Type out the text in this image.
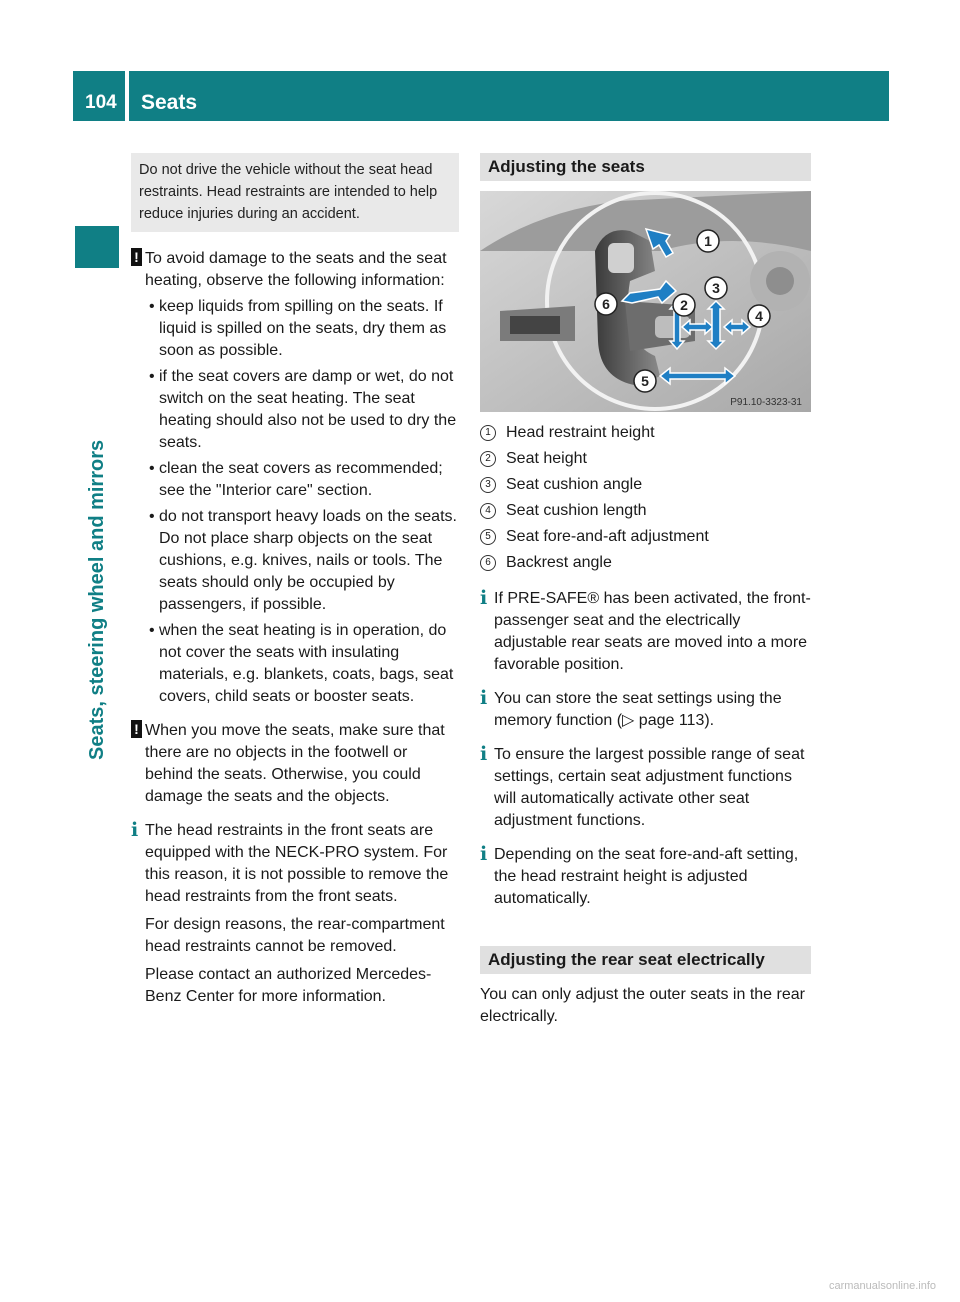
104 Seats
Seats, steering wheel and mirrors
Do not drive the vehicle without the seat head restraints. Head restraints are intended to help reduce injuries during an accident.
! To avoid damage to the seats and the seat heating, observe the following information:

• keep liquids from spilling on the seats. If liquid is spilled on the seats, dry them as soon as possible.
• if the seat covers are damp or wet, do not switch on the seat heating. The seat heating should also not be used to dry the seats.
• clean the seat covers as recommended; see the "Interior care" section.
• do not transport heavy loads on the seats. Do not place sharp objects on the seat cushions, e.g. knives, nails or tools. The seats should only be occupied by passengers, if possible.
• when the seat heating is in operation, do not cover the seats with insulating materials, e.g. blankets, coats, bags, seat covers, child seats or booster seats.
! When you move the seats, make sure that there are no objects in the footwell or behind the seats. Otherwise, you could damage the seats and the objects.

i The head restraints in the front seats are equipped with the NECK-PRO system. For this reason, it is not possible to remove the head restraints from the front seats.

For design reasons, the rear-compartment head restraints cannot be removed.

Please contact an authorized Mercedes-Benz Center for more information.

Adjusting the seats
1
2
3
4
5
6
P91.10-3323-31
1 Head restraint height
2 Seat height
3 Seat cushion angle
4 Seat cushion length
5 Seat fore-and-aft adjustment
6 Backrest angle
i If PRE-SAFE® has been activated, the front-passenger seat and the electrically adjustable rear seats are moved into a more favorable position.

i You can store the seat settings using the memory function (▷ page 113).

i To ensure the largest possible range of seat settings, certain seat adjustment functions will automatically activate other seat adjustment functions.

i Depending on the seat fore-and-aft setting, the head restraint height is adjusted automatically.

Adjusting the rear seat electrically

You can only adjust the outer seats in the rear electrically.

carmanualsonline.info
